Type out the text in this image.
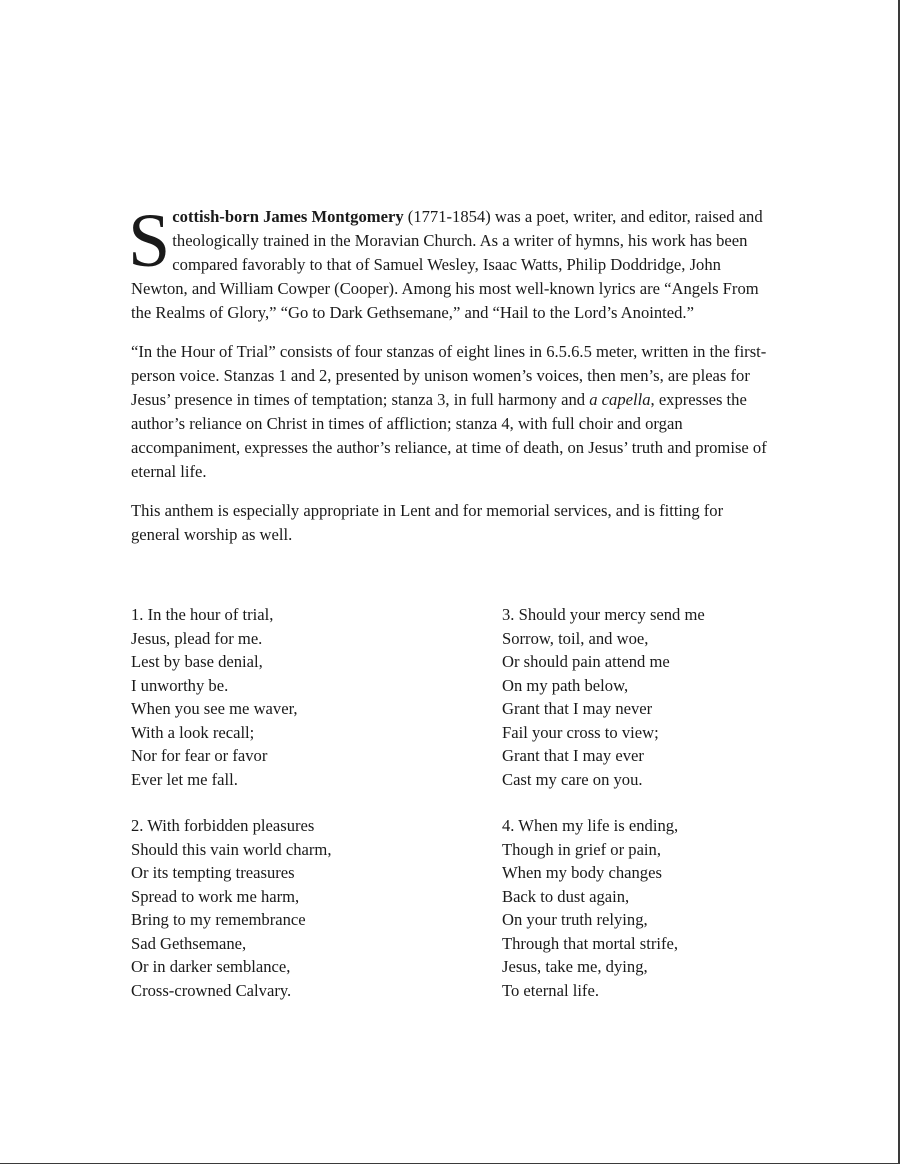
Scottish-born James Montgomery (1771-1854) was a poet, writer, and editor, raised and theologically trained in the Moravian Church. As a writer of hymns, his work has been compared favorably to that of Samuel Wesley, Isaac Watts, Philip Doddridge, John Newton, and William Cowper (Cooper). Among his most well-known lyrics are “Angels From the Realms of Glory,” “Go to Dark Gethsemane,” and “Hail to the Lord’s Anointed.”

“In the Hour of Trial” consists of four stanzas of eight lines in 6.5.6.5 meter, written in the first-person voice. Stanzas 1 and 2, presented by unison women’s voices, then men’s, are pleas for Jesus’ presence in times of temptation; stanza 3, in full harmony and a capella, expresses the author’s reliance on Christ in times of affliction; stanza 4, with full choir and organ accompaniment, expresses the author’s reliance, at time of death, on Jesus’ truth and promise of eternal life.

This anthem is especially appropriate in Lent and for memorial services, and is fitting for general worship as well.

1. In the hour of trial,
Jesus, plead for me.
Lest by base denial,
I unworthy be.
When you see me waver,
With a look recall;
Nor for fear or favor
Ever let me fall.
2. With forbidden pleasures
Should this vain world charm,
Or its tempting treasures
Spread to work me harm,
Bring to my remembrance
Sad Gethsemane,
Or in darker semblance,
Cross-crowned Calvary.
3. Should your mercy send me
Sorrow, toil, and woe,
Or should pain attend me
On my path below,
Grant that I may never
Fail your cross to view;
Grant that I may ever
Cast my care on you.
4. When my life is ending,
Though in grief or pain,
When my body changes
Back to dust again,
On your truth relying,
Through that mortal strife,
Jesus, take me, dying,
To eternal life.
